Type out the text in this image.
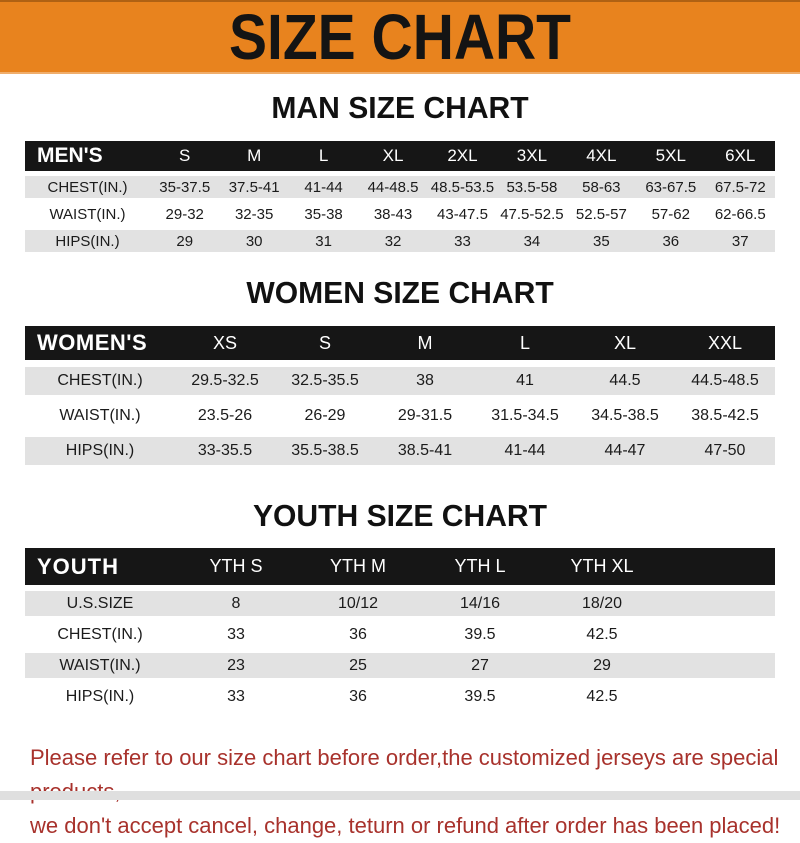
SIZE CHART
MAN SIZE CHART
MEN'S	S	M	L	XL	2XL	3XL	4XL	5XL	6XL
CHEST(IN.)	35-37.5	37.5-41	41-44	44-48.5	48.5-53.5	53.5-58	58-63	63-67.5	67.5-72
WAIST(IN.)	29-32	32-35	35-38	38-43	43-47.5	47.5-52.5	52.5-57	57-62	62-66.5
HIPS(IN.)	29	30	31	32	33	34	35	36	37
WOMEN SIZE CHART
WOMEN'S	XS	S	M	L	XL	XXL
CHEST(IN.)	29.5-32.5	32.5-35.5	38	41	44.5	44.5-48.5
WAIST(IN.)	23.5-26	26-29	29-31.5	31.5-34.5	34.5-38.5	38.5-42.5
HIPS(IN.)	33-35.5	35.5-38.5	38.5-41	41-44	44-47	47-50
YOUTH SIZE CHART
YOUTH	YTH S	YTH M	YTH L	YTH XL	
U.S.SIZE	8	10/12	14/16	18/20	
CHEST(IN.)	33	36	39.5	42.5	
WAIST(IN.)	23	25	27	29	
HIPS(IN.)	33	36	39.5	42.5	
Please refer to our size chart before order,the customized jerseys are special
we don't accept cancel, change, teturn or refund after order has been placed!
